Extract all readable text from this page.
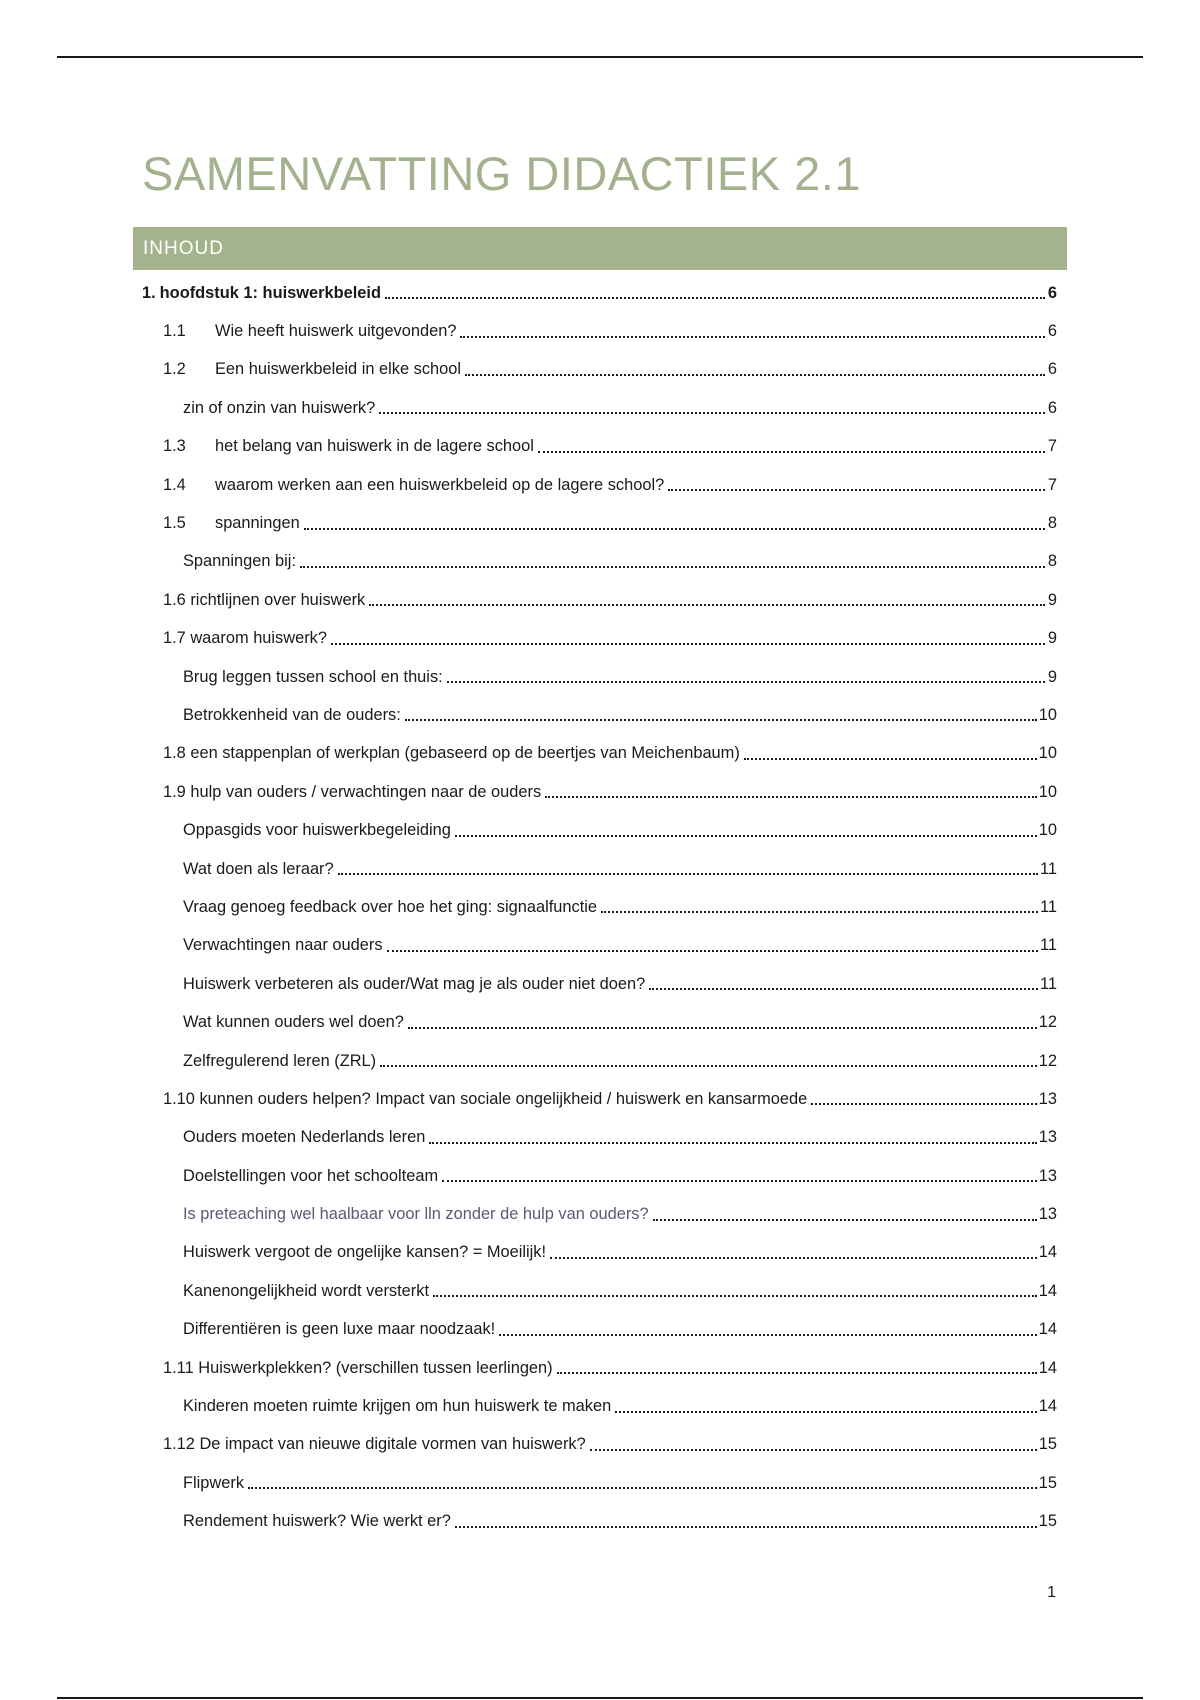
SAMENVATTING DIDACTIEK 2.1
INHOUD
1. hoofdstuk 1: huiswerkbeleid	6
1.1	Wie heeft huiswerk uitgevonden?	6
1.2	Een huiswerkbeleid in elke school	6
zin of onzin van huiswerk?	6
1.3	het belang van huiswerk in de lagere school	7
1.4	waarom werken aan een huiswerkbeleid op de lagere school?	7
1.5	spanningen	8
Spanningen bij:	8
1.6 richtlijnen over huiswerk	9
1.7 waarom huiswerk?	9
Brug leggen tussen school en thuis:	9
Betrokkenheid van de ouders:	10
1.8 een stappenplan of werkplan (gebaseerd op de beertjes van Meichenbaum)	10
1.9 hulp van ouders / verwachtingen naar de ouders	10
Oppasgids voor huiswerkbegeleiding	10
Wat doen als leraar?	11
Vraag genoeg feedback over hoe het ging: signaalfunctie	11
Verwachtingen naar ouders	11
Huiswerk verbeteren als ouder/Wat mag je als ouder niet doen?	11
Wat kunnen ouders wel doen?	12
Zelfregulerend leren (ZRL)	12
1.10 kunnen ouders helpen? Impact van sociale ongelijkheid / huiswerk en kansarmoede	13
Ouders moeten Nederlands leren	13
Doelstellingen voor het schoolteam	13
Is preteaching wel haalbaar voor lln zonder de hulp van ouders?	13
Huiswerk vergoot de ongelijke kansen? = Moeilijk!	14
Kanenongelijkheid wordt versterkt	14
Differentiëren is geen luxe maar noodzaak!	14
1.11 Huiswerkplekken? (verschillen tussen leerlingen)	14
Kinderen moeten ruimte krijgen om hun huiswerk te maken	14
1.12 De impact van nieuwe digitale vormen van huiswerk?	15
Flipwerk	15
Rendement huiswerk? Wie werkt er?	15
1
